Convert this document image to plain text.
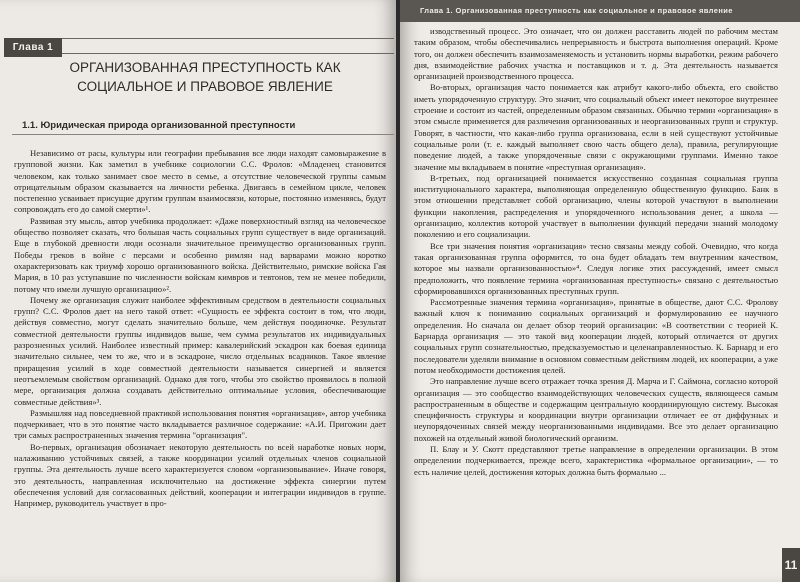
Глава 1
ОРГАНИЗОВАННАЯ ПРЕСТУПНОСТЬ КАК СОЦИАЛЬНОЕ И ПРАВОВОЕ ЯВЛЕНИЕ
1.1. Юридическая природа организованной преступности

Независимо от расы, культуры или географии пребывания все люди находят самовыражение в групповой жизни. Как заметил в учебнике социологии С.С. Фролов: «Младенец становится человеком, как только занимает свое место в семье, а отсутствие человеческой группы самым отрицательным образом сказывается на личности ребенка. Двигаясь в семейном цикле, человек постепенно усваивает присущие другим группам взаимосвязи, которые, постоянно изменяясь, будут сопровождать его до самой смерти»¹.

Развивая эту мысль, автор учебника продолжает: «Даже поверхностный взгляд на человеческое общество позволяет сказать, что большая часть социальных групп существует в виде организаций. Еще в глубокой древности люди осознали значительное преимущество организованных групп. Победы греков в войне с персами и особенно римлян над варварами можно коротко охарактеризовать как триумф хорошо организованного войска. Действительно, римские войска Гая Мария, в 10 раз уступавшие по численности войскам кимвров и тевтонов, тем не менее победили, потому что имели лучшую организацию»².

Почему же организация служит наиболее эффективным средством в деятельности социальных групп? С.С. Фролов дает на него такой ответ: «Сущность ее эффекта состоит в том, что люди, действуя совместно, могут сделать значительно больше, чем действуя поодиночке. Результат совместной деятельности группы индивидов выше, чем сумма результатов их индивидуальных разрозненных усилий. Наиболее известный пример: кавалерийский эскадрон как боевая единица значительно сильнее, чем то же, что и в эскадроне, число отдельных всадников. Такое явление приращения усилий в ходе совместной деятельности называется синергией и является неотъемлемым свойством организаций. Однако для того, чтобы это свойство проявилось в полной мере, организация должна создавать действительно оптимальные условия, обеспечивающие совместные действия»³.

Размышляя над повседневной практикой использования понятия «организация», автор учебника подчеркивает, что в это понятие часто вкладывается различное содержание: «А.И. Пригожин дает три самых распространенных значения термина "организация".

Во-первых, организация обозначает некоторую деятельность по всей наработке новых норм, налаживанию устойчивых связей, а также координации усилий отдельных членов социальной группы. Эта деятельность лучше всего характеризуется словом «организовывание». Иначе говоря, это деятельность, направленная исключительно на достижение эффекта синергии путем обеспечения условий для согласованных действий, кооперации и интеграции индивидов в группе. Например, руководитель участвует в про-

Глава 1. Организованная преступность как социальное и правовое явление

изводственный процесс. Это означает, что он должен расставить людей по рабочим местам таким образом, чтобы обеспечивались непрерывность и быстрота выполнения операций. Кроме того, он должен обеспечить взаимозаменяемость и установить нормы выработки, режим рабочего дня, взаимодействие рабочих участка и поставщиков и т. д. Эта деятельность называется организацией производственного процесса.

Во-вторых, организация часто понимается как атрибут какого-либо объекта, его свойство иметь упорядоченную структуру. Это значит, что социальный объект имеет некоторое внутреннее строение и состоит из частей, определенным образом связанных. Обычно термин «организация» в этом смысле применяется для различения организованных и неорганизованных групп и структур. Говорят, в частности, что какая-либо группа организована, если в ней существуют устойчивые социальные роли (т. е. каждый выполняет свою часть общего дела), правила, регулирующие поведение людей, а также упорядоченные связи с окружающими группами. Именно такое значение мы вкладываем в понятие «преступная организация».

В-третьих, под организацией понимается искусственно созданная социальная группа институционального характера, выполняющая определенную общественную функцию. Банк в этом отношении представляет собой организацию, члены которой участвуют в выполнении функции накопления, распределения и упорядоченного использования денег, а школа — организацию, коллектив которой участвует в выполнении функций передачи знаний молодому поколению и его социализации.

Все три значения понятия «организация» тесно связаны между собой. Очевидно, что когда такая организованная группа оформится, то она будет обладать тем внутренним качеством, которое мы назвали организованностью»⁴. Следуя логике этих рассуждений, имеет смысл предположить, что появление термина «организованная преступность» связано с деятельностью сформировавшихся организованных преступных групп.

Рассмотренные значения термина «организация», принятые в обществе, дают С.С. Фролову важный ключ к пониманию социальных организаций и формулированию ее научного определения. Но сначала он делает обзор теорий организации: «В соответствии с теорией К. Барнарда организация — это такой вид кооперации людей, который отличается от других социальных групп сознательностью, предсказуемостью и целенаправленностью. К. Барнард и его последователи уделяли внимание в основном совместным действиям людей, их кооперации, а уже потом необходимости достижения целей.

Это направление лучше всего отражает точка зрения Д. Марча и Г. Саймона, согласно которой организация — это сообщество взаимодействующих человеческих существ, являющееся самым распространенным в обществе и содержащим центральную координирующую систему. Высокая специфичность структуры и координации внутри организации отличает ее от диффузных и неупорядоченных связей между неорганизованными индивидами. Все это делает организацию похожей на отдельный живой биологический организм.

П. Блау и У. Скотт представляют третье направление в определении организации. В этом определении подчеркивается, прежде всего, характеристика «формальное организации», — то есть наличие целей, достижения которых должна быть формально ...

11
